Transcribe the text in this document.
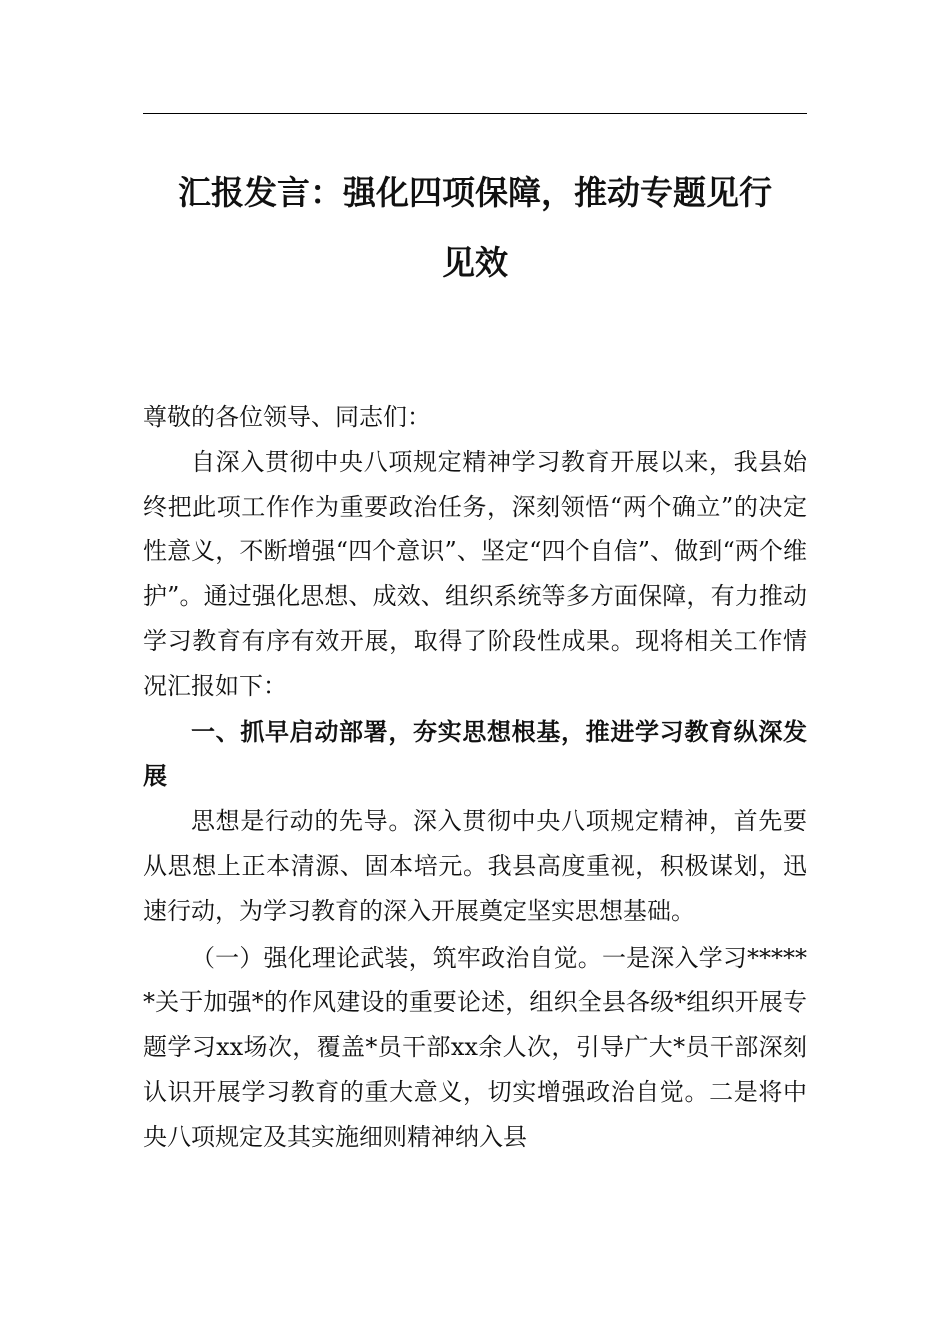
汇报发言：强化四项保障，推动专题见行
见效

尊敬的各位领导、同志们：

自深入贯彻中央八项规定精神学习教育开展以来，我县始终把此项工作作为重要政治任务，深刻领悟“两个确立”的决定性意义，不断增强“四个意识”、坚定“四个自信”、做到“两个维护”。通过强化思想、成效、组织系统等多方面保障，有力推动学习教育有序有效开展，取得了阶段性成果。现将相关工作情况汇报如下：

一、抓早启动部署，夯实思想根基，推进学习教育纵深发展

思想是行动的先导。深入贯彻中央八项规定精神，首先要从思想上正本清源、固本培元。我县高度重视，积极谋划，迅速行动，为学习教育的深入开展奠定坚实思想基础。

（一）强化理论武装，筑牢政治自觉。一是深入学习******关于加强*的作风建设的重要论述，组织全县各级*组织开展专题学习xx场次，覆盖*员干部xx余人次，引导广大*员干部深刻认识开展学习教育的重大意义，切实增强政治自觉。二是将中央八项规定及其实施细则精神纳入县
